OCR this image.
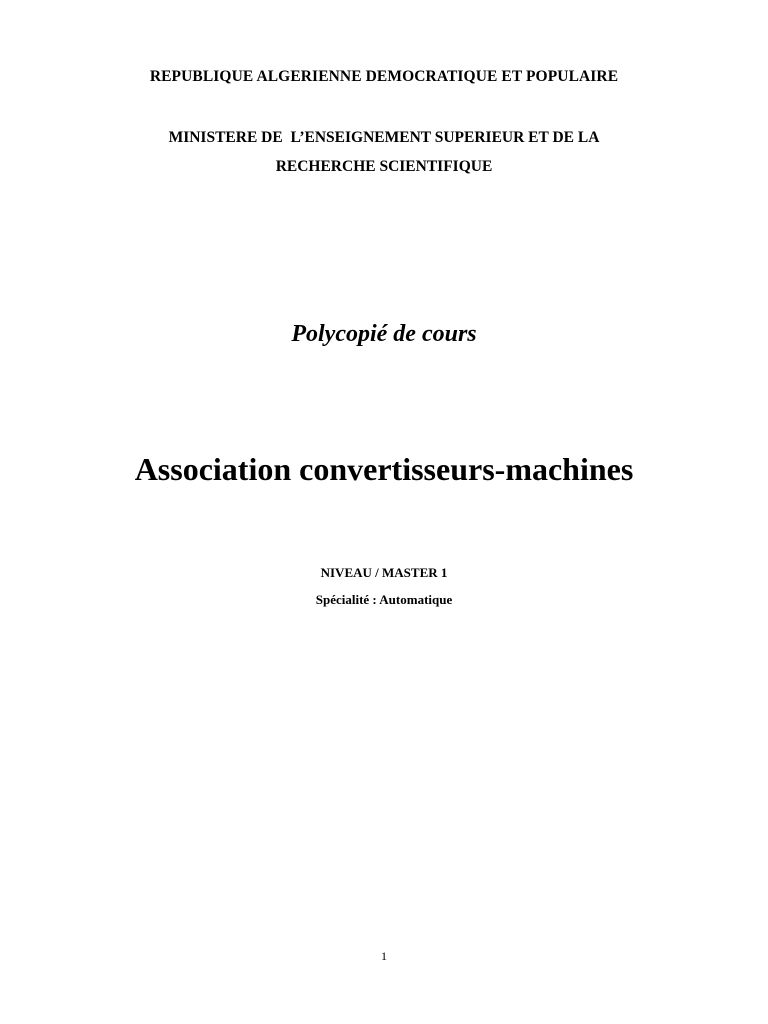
REPUBLIQUE ALGERIENNE DEMOCRATIQUE ET POPULAIRE
MINISTERE DE  L’ENSEIGNEMENT SUPERIEUR ET DE LA
RECHERCHE SCIENTIFIQUE
Polycopié de cours
Association convertisseurs-machines
NIVEAU / MASTER 1
Spécialité : Automatique
1
